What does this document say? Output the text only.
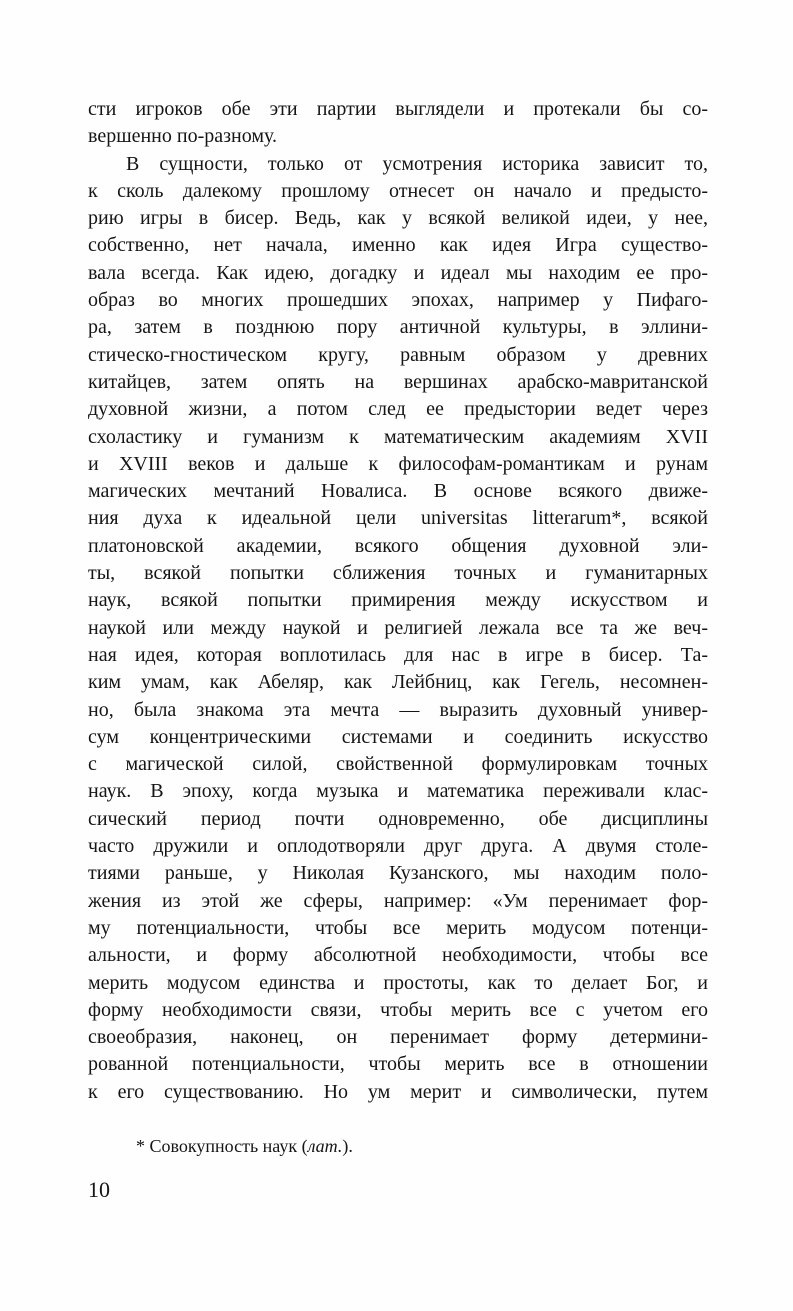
сти игроков обе эти партии выглядели и протекали бы со-
вершенно по-разному.
В сущности, только от усмотрения историка зависит то,
к сколь далекому прошлому отнесет он начало и предысто-
рию игры в бисер. Ведь, как у всякой великой идеи, у нее,
собственно, нет начала, именно как идея Игра существо-
вала всегда. Как идею, догадку и идеал мы находим ее про-
образ во многих прошедших эпохах, например у Пифаго-
ра, затем в позднюю пору античной культуры, в эллини-
стическо-гностическом кругу, равным образом у древних
китайцев, затем опять на вершинах арабско-мавританской
духовной жизни, а потом след ее предыстории ведет через
схоластику и гуманизм к математическим академиям XVII
и XVIII веков и дальше к философам-романтикам и рунам
магических мечтаний Новалиса. В основе всякого движе-
ния духа к идеальной цели universitas litterarum*, всякой
платоновской академии, всякого общения духовной эли-
ты, всякой попытки сближения точных и гуманитарных
наук, всякой попытки примирения между искусством и
наукой или между наукой и религией лежала все та же веч-
ная идея, которая воплотилась для нас в игре в бисер. Та-
ким умам, как Абеляр, как Лейбниц, как Гегель, несомнен-
но, была знакома эта мечта — выразить духовный универ-
сум концентрическими системами и соединить искусство
с магической силой, свойственной формулировкам точных
наук. В эпоху, когда музыка и математика переживали клас-
сический период почти одновременно, обе дисциплины
часто дружили и оплодотворяли друг друга. А двумя столе-
тиями раньше, у Николая Кузанского, мы находим поло-
жения из этой же сферы, например: «Ум перенимает фор-
му потенциальности, чтобы все мерить модусом потенци-
альности, и форму абсолютной необходимости, чтобы все
мерить модусом единства и простоты, как то делает Бог, и
форму необходимости связи, чтобы мерить все с учетом его
своеобразия, наконец, он перенимает форму детермини-
рованной потенциальности, чтобы мерить все в отношении
к его существованию. Но ум мерит и символически, путем
* Совокупность наук (лат.).
10
